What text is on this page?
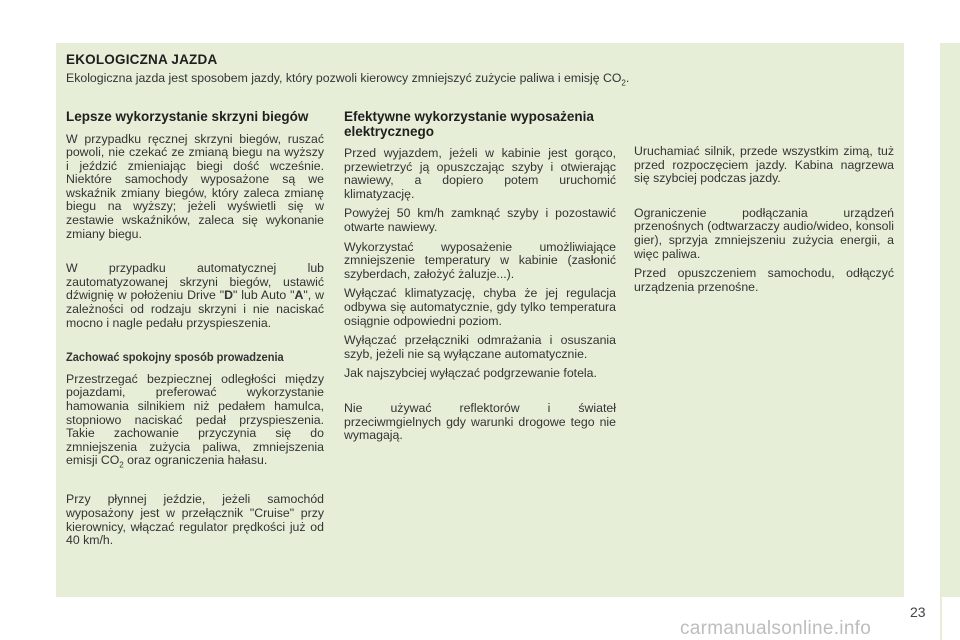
EKOLOGICZNA JAZDA
Ekologiczna jazda jest sposobem jazdy, który pozwoli kierowcy zmniejszyć zużycie paliwa i emisję $CO_2$.
Lepsze wykorzystanie skrzyni biegów

W przypadku ręcznej skrzyni biegów, ruszać powoli, nie czekać ze zmianą biegu na wyższy i jeździć zmieniając biegi dość wcześnie. Niektóre samochody wyposażone są we wskaźnik zmiany biegów, który zaleca zmianę biegu na wyższy; jeżeli wyświetli się w zestawie wskaźników, zaleca się wykonanie zmiany biegu.

W przypadku automatycznej lub zautomatyzowanej skrzyni biegów, ustawić dźwignię w położeniu Drive "D" lub Auto "A", w zależności od rodzaju skrzyni i nie naciskać mocno i nagle pedału przyspieszenia.

Zachować spokojny sposób prowadzenia

Przestrzegać bezpiecznej odległości między pojazdami, preferować wykorzystanie hamowania silnikiem niż pedałem hamulca, stopniowo naciskać pedał przyspieszenia. Takie zachowanie przyczynia się do zmniejszenia zużycia paliwa, zmniejszenia emisji $CO_2$ oraz ograniczenia hałasu.

Przy płynnej jeździe, jeżeli samochód wyposażony jest w przełącznik "Cruise" przy kierownicy, włączać regulator prędkości już od 40 km/h.

Efektywne wykorzystanie wyposażenia elektrycznego

Przed wyjazdem, jeżeli w kabinie jest gorąco, przewietrzyć ją opuszczając szyby i otwierając nawiewy, a dopiero potem uruchomić klimatyzację.

Powyżej 50 km/h zamknąć szyby i pozostawić otwarte nawiewy.

Wykorzystać wyposażenie umożliwiające zmniejszenie temperatury w kabinie (zasłonić szyberdach, założyć żaluzje...).

Wyłączać klimatyzację, chyba że jej regulacja odbywa się automatycznie, gdy tylko temperatura osiągnie odpowiedni poziom.

Wyłączać przełączniki odmrażania i osuszania szyb, jeżeli nie są wyłączane automatycznie.

Jak najszybciej wyłączać podgrzewanie fotela.

Nie używać reflektorów i świateł przeciwmgielnych gdy warunki drogowe tego nie wymagają.

Uruchamiać silnik, przede wszystkim zimą, tuż przed rozpoczęciem jazdy. Kabina nagrzewa się szybciej podczas jazdy.

Ograniczenie podłączania urządzeń przenośnych (odtwarzaczy audio/wideo, konsoli gier), sprzyja zmniejszeniu zużycia energii, a więc paliwa.

Przed opuszczeniem samochodu, odłączyć urządzenia przenośne.

23
carmanualsonline.info
